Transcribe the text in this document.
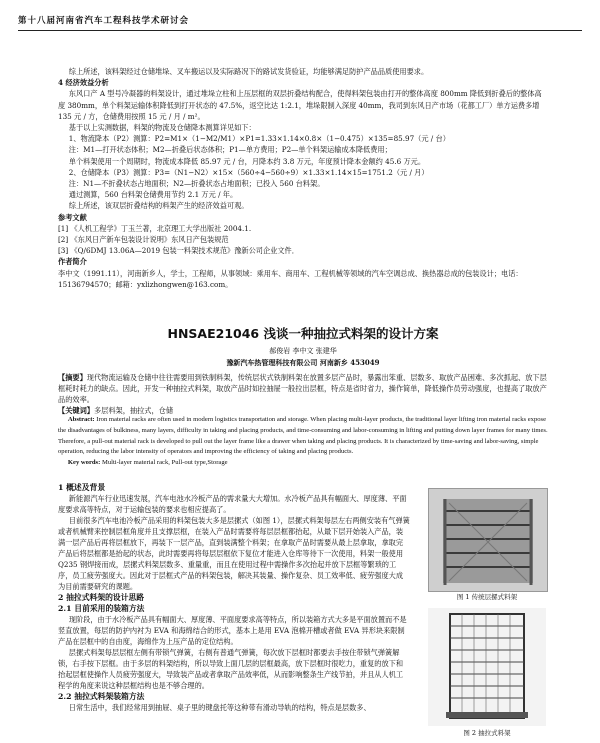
第十八届河南省汽车工程科技学术研讨会

综上所述，该料架经过仓储堆垛、叉车搬运以及实际路况下的路试发货验证，均能够满足防护产品品质使用要求。

4 经济效益分析

东风口产 A 型号冷凝器的料架设计，通过堆垛立柱和上压层框的双层折叠结构配合，使得料架包装由打开的整体高度 800mm 降低到折叠后的整体高度 380mm，单个料架运输体积降低到打开状态的 47.5%，返空比达 1:2.1，堆垛限制入深度 40mm，我司到东风日产市场（花都工厂）单方运费多增 135 元 / 方，仓储费用按照 15 元 / 月 / m²。

基于以上实测数据，料架的物流及仓储降本测算详见如下：

1、物流降本（P2）测算：P2=M1×（1−M2/M1）×P1=1.33×1.14×0.8×（1−0.475）×135=85.97（元 / 台）

注：M1—打开状态体积；M2—折叠后状态体积；P1—单方费用；P2—单个料架运输成本降低费用；

单个料架使用一个周期时，物流成本降低 85.97 元 / 台，月降本约 3.8 万元，年度预计降本金额约 45.6 万元。

2、仓储降本（P3）测算：P3=（N1−N2）×15×（560÷4−560÷9）×1.33×1.14×15=1751.2（元 / 月）

注：N1—不折叠状态占地面积；N2—折叠状态占地面积；已投入 560 台料架。

通过测算，560 台料架仓储费用节约 2.1 万元 / 年。

综上所述，该双层折叠结构的料架产生的经济效益可观。

参考文献

[1] 《人机工程学》丁玉兰著，北京理工大学出版社 2004.1.

[2] 《东风日产新车包装设计说明》东风日产包装规范

[3] 《Q/6DMJ 13.06A—2019 包装一料架技术规范》豫新公司企业文件．

作者简介

李中文（1991.11），河南新乡人，学士，工程师，从事领域：乘用车、商用车、工程机械等领域的汽车空调总成、换热器总成的包装设计；电话：15136794570；邮箱：yxlizhongwen@163.com。

HNSAE21046 浅谈一种抽拉式料架的设计方案
郝俊岩 李中文 张建华
豫新汽车热管理科技有限公司 河南新乡 453049

【摘要】现代物流运输及仓储中往往需要用到铁制料架，传统层状式铁制料架在放置多层产品时，暴露出笨重、层数多、取放产品困难、多次抓起、放下层框耗时耗力的缺点。因此，开发一种抽拉式料架，取放产品时如拉抽屉一般拉出层框，特点是省时省力，操作简单，降低操作员劳动强度，也提高了取放产品的效率。

【关键词】多层料架，抽拉式，仓储

Abstract: Iron material racks are often used in modern logistics transportation and storage. When placing multi-layer products, the traditional layer lifting iron material racks expose the disadvantages of bulkiness, many layers, difficulty in taking and placing products, and time-consuming and labor-consuming in lifting and putting down layer frames for many times. Therefore, a pull-out material rack is developed to pull out the layer frame like a drawer when taking and placing products. It is characterized by time-saving and labor-saving, simple operation, reducing the labor intensity of operators and improving the efficiency of taking and placing products.

Key words: Multi-layer material rack, Pull-out type,Storage

1 概述及背景

新能源汽车行业迅速发展，汽车电池水冷板产品的需求量大大增加。水冷板产品具有幅面大、厚度薄、平面度要求高等特点，对于运输包装的要求也相应提高了。

目前很多汽车电池冷板产品采用的料架包装大多是层摞式（如图 1），层摞式料架每层左右两侧安装有气弹簧或者机械臂来控制层框角度并且支撑层框，在装入产品时需要将每层层框都抬起，从最下层开始装入产品，装满一层产品后再将层框放下，再装下一层产品，直到装满整个料架；在拿取产品时需要从最上层拿取，拿取完产品后将层框都是抬起的状态，此时需要再将每层层框依下复位才能进入仓库等待下一次使用，料架一般使用 Q235 钢焊接而成，层摞式料架层数多、重量重，而且在使用过程中需操作多次抬起并放下层框等繁琐的工序，员工疲劳强度大。因此对于层框式产品的料架包装，解决其装量、操作复杂、员工效率低、疲劳强度大成为目前需要研究的课题。

2 抽拉式料架的设计思路

2.1 目前采用的装箱方法

现阶段，由于水冷板产品具有幅面大、厚度薄、平面度要求高等特点，所以装箱方式大多是平面放置而不是竖直放置，每层的防护内衬为 EVA 和海绵结合的形式，基本上是用 EVA 泡棉开槽或者做 EVA 异形块来限制产品在层框中的自由度，海绵作为上压产品的定位结构。

层摞式料架每层层框左侧有带锁气弹簧，右侧有普通气弹簧，每次放下层框时都要去手按住带锁气弹簧解锁，右手按下层框。由于多层的料架结构，所以导致上面几层的层框最高，放下层框时很吃力，重复的放下和抬起层框使操作人员疲劳强度大，导致装产品或者拿取产品效率低，从而影响整条生产线节拍，并且从人机工程学的角度来说这种层框结构也是不够合理的。

2.2 抽拉式料架装箱方法

日常生活中，我们经常用到抽屉、桌子里的键盘托等这种带有滑动导轨的结构，特点是层数多、

图 1 传统层摞式料架
图 2 抽拉式料架
